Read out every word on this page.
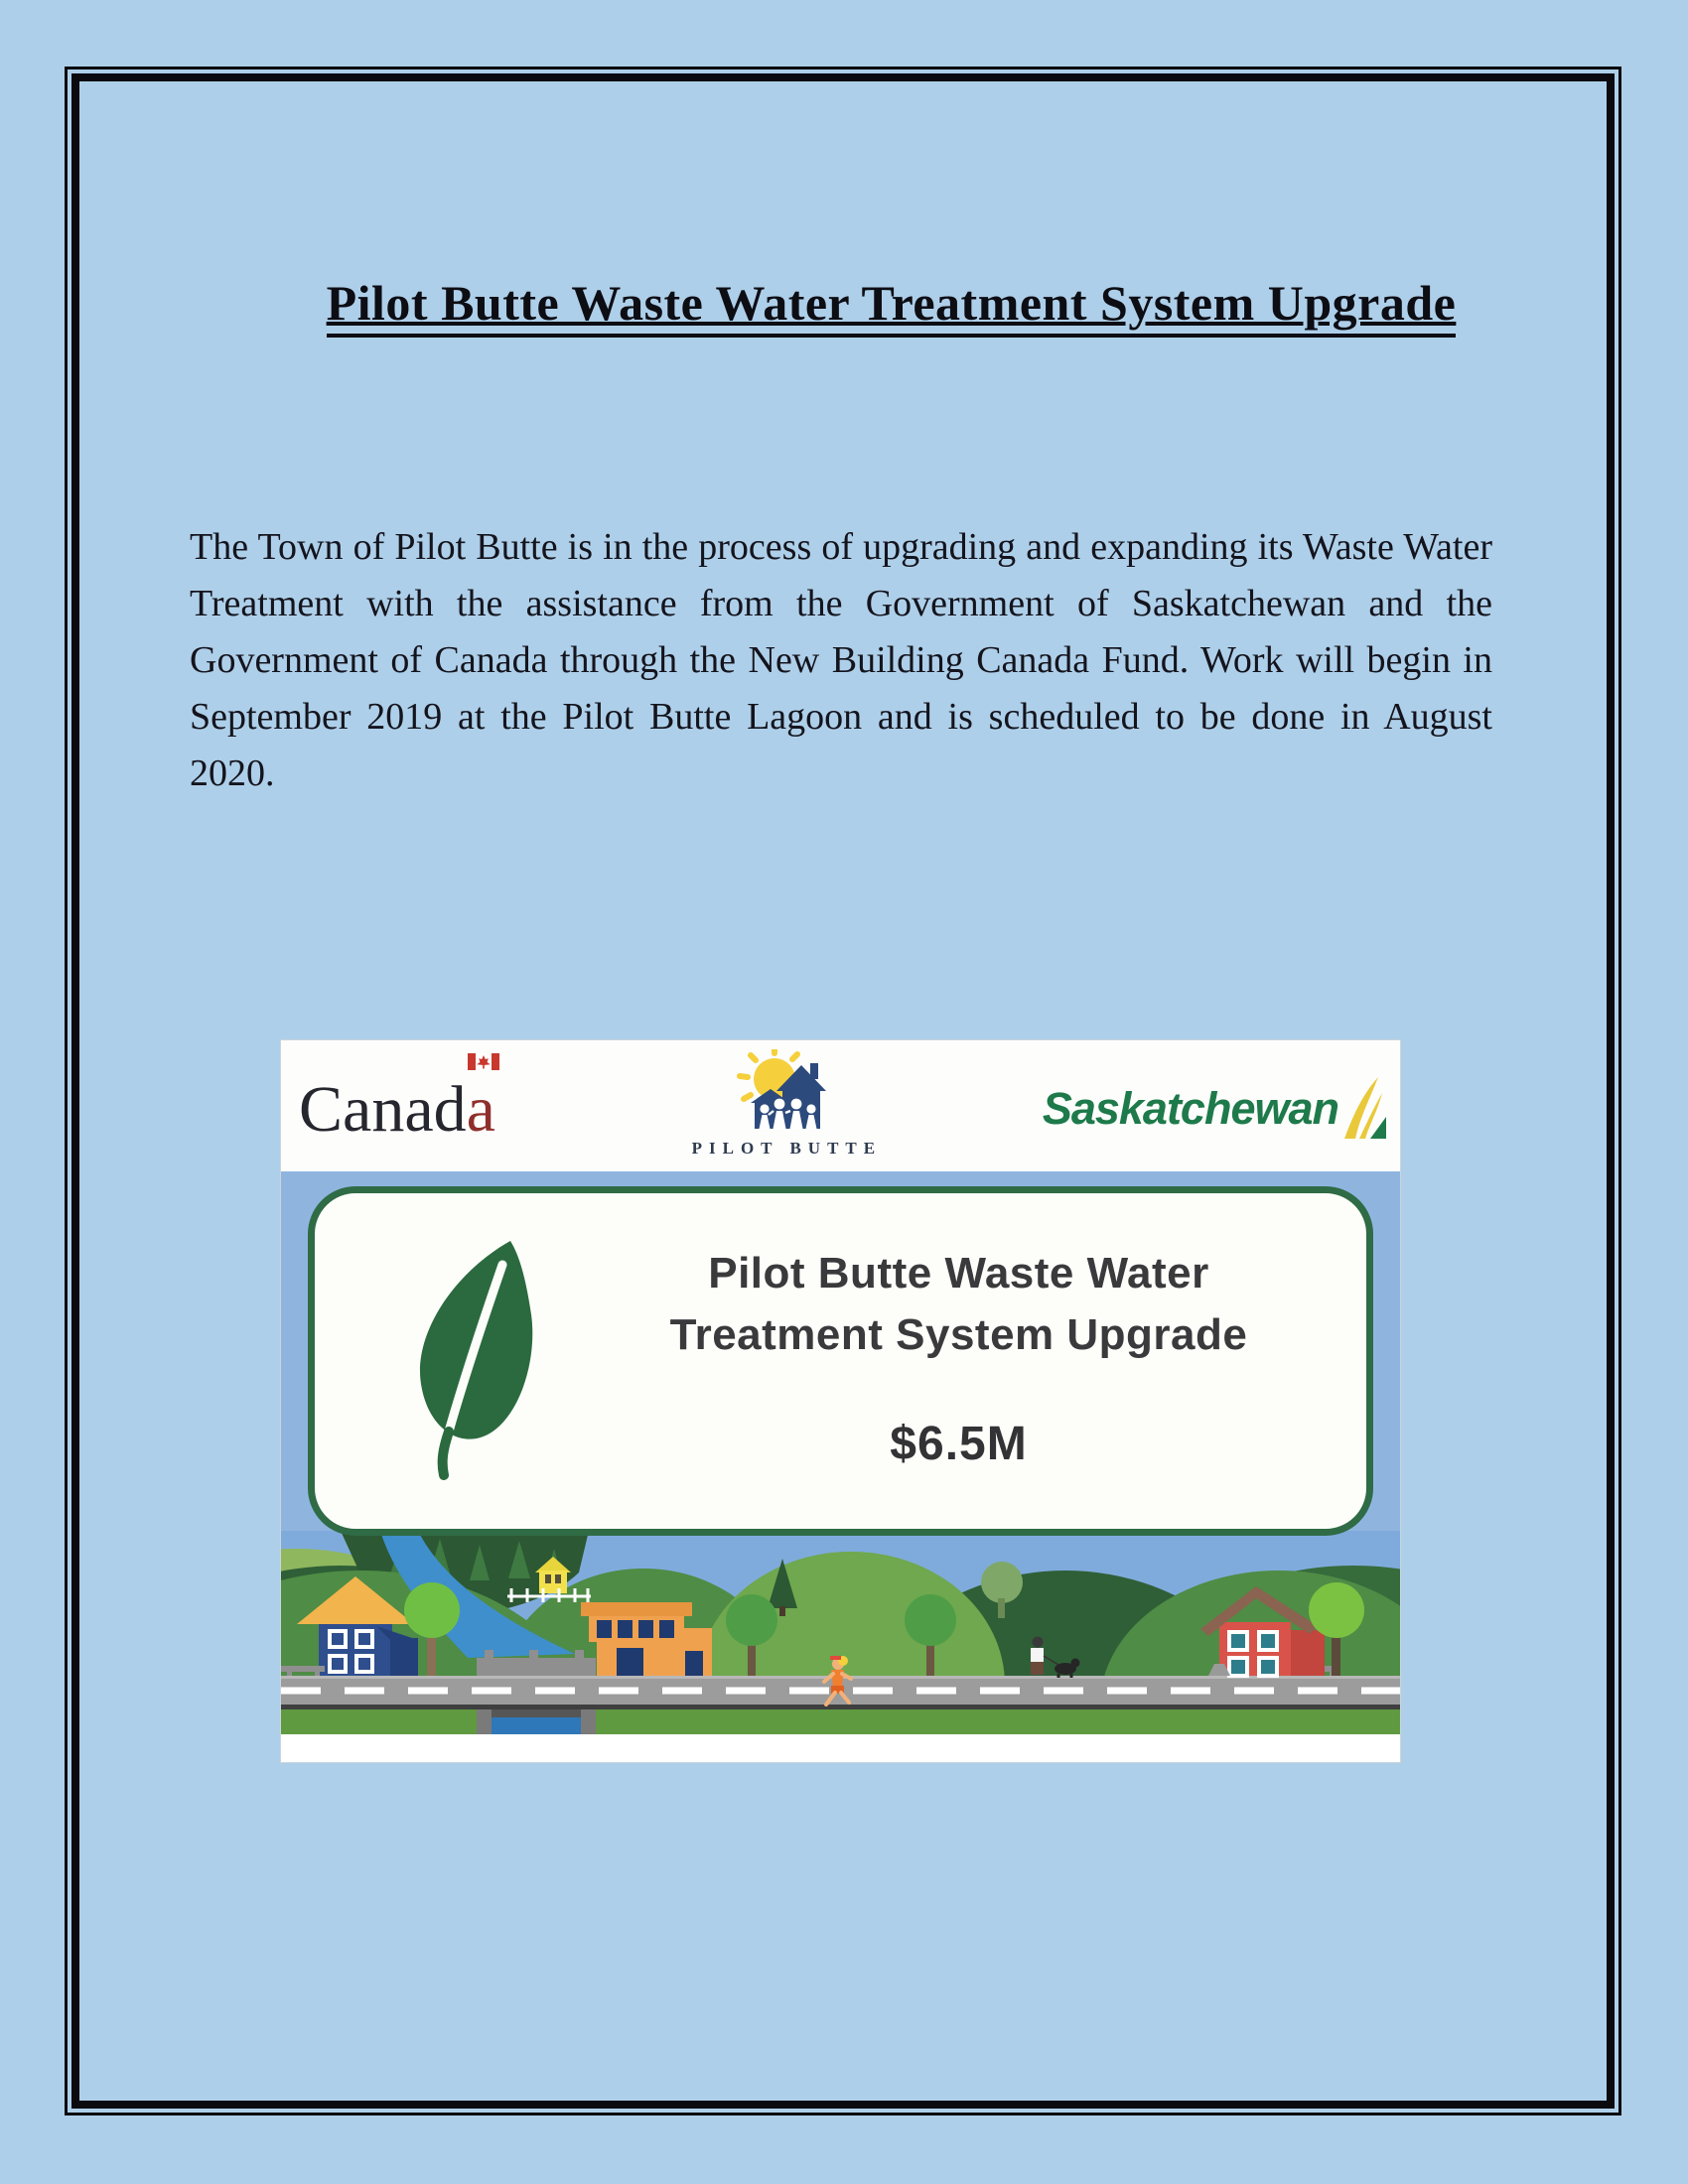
Pilot Butte Waste Water Treatment System Upgrade

The Town of Pilot Butte is in the process of upgrading and expanding its Waste Water Treatment with the assistance from the Government of Saskatchewan and the Government of Canada through the New Building Canada Fund. Work will begin in September 2019 at the Pilot Butte Lagoon and is scheduled to be done in August 2020.

Canad a
PILOT BUTTE
Saskatchewan
Pilot Butte Waste Water
Treatment System Upgrade
$6.5M
